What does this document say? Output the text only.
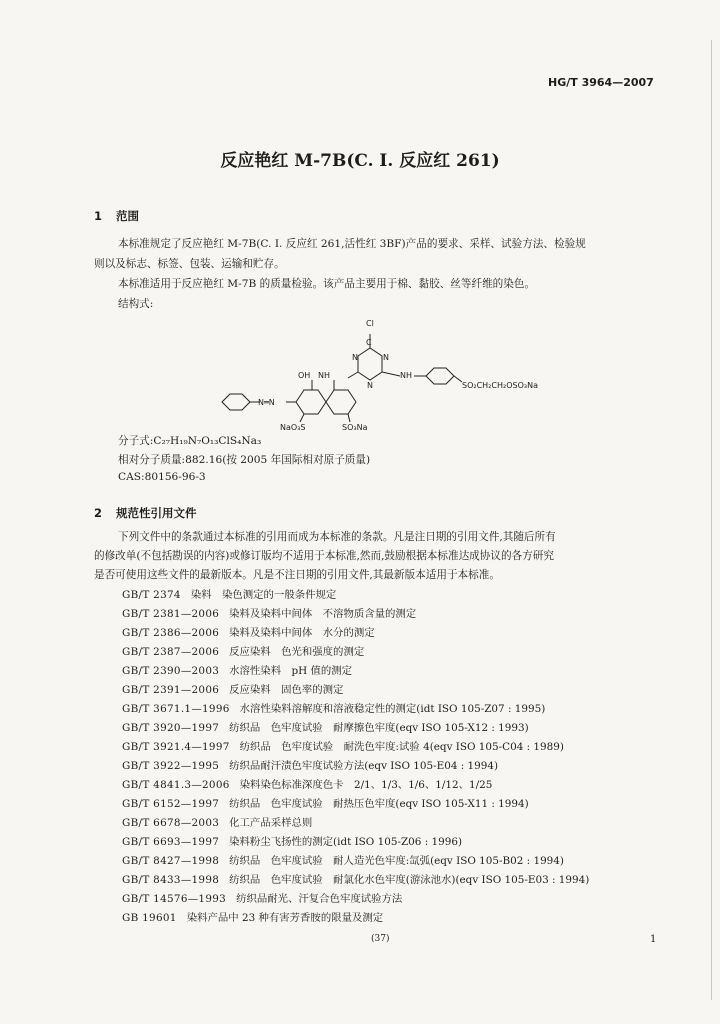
HG/T 3964—2007
反应艳红 M-7B(C. I. 反应红 261)
1 范围
本标准规定了反应艳红 M-7B(C. I. 反应红 261,活性红 3BF)产品的要求、采样、试验方法、检验规
则以及标志、标签、包装、运输和贮存。
本标准适用于反应艳红 M-7B 的质量检验。该产品主要用于棉、黏胶、丝等纤维的染色。
结构式:
Cl
N	N
N
C
OH NH	NH
N═N
NaO₃S	SO₃Na
SO₂CH₂CH₂OSO₃Na
分子式:C₂₇H₁₉N₇O₁₃ClS₄Na₃
相对分子质量:882.16(按 2005 年国际相对原子质量)
CAS:80156-96-3
2 规范性引用文件
下列文件中的条款通过本标准的引用而成为本标准的条款。凡是注日期的引用文件,其随后所有
的修改单(不包括勘误的内容)或修订版均不适用于本标准,然而,鼓励根据本标准达成协议的各方研究
是否可使用这些文件的最新版本。凡是不注日期的引用文件,其最新版本适用于本标准。
GB/T 2374 染料　染色测定的一般条件规定
GB/T 2381—2006 染料及染料中间体　不溶物质含量的测定
GB/T 2386—2006 染料及染料中间体　水分的测定
GB/T 2387—2006 反应染料　色光和强度的测定
GB/T 2390—2003 水溶性染料　pH 值的测定
GB/T 2391—2006 反应染料　固色率的测定
GB/T 3671.1—1996 水溶性染料溶解度和溶液稳定性的测定(idt ISO 105-Z07 : 1995)
GB/T 3920—1997 纺织品　色牢度试验　耐摩擦色牢度(eqv ISO 105-X12 : 1993)
GB/T 3921.4—1997 纺织品　色牢度试验　耐洗色牢度:试验 4(eqv ISO 105-C04 : 1989)
GB/T 3922—1995 纺织品耐汗渍色牢度试验方法(eqv ISO 105-E04 : 1994)
GB/T 4841.3—2006 染料染色标准深度色卡　2/1、1/3、1/6、1/12、1/25
GB/T 6152—1997 纺织品　色牢度试验　耐热压色牢度(eqv ISO 105-X11 : 1994)
GB/T 6678—2003 化工产品采样总则
GB/T 6693—1997 染料粉尘飞扬性的测定(idt ISO 105-Z06 : 1996)
GB/T 8427—1998 纺织品　色牢度试验　耐人造光色牢度:氙弧(eqv ISO 105-B02 : 1994)
GB/T 8433—1998 纺织品　色牢度试验　耐氯化水色牢度(游泳池水)(eqv ISO 105-E03 : 1994)
GB/T 14576—1993 纺织品耐光、汗复合色牢度试验方法
GB 19601 染料产品中 23 种有害芳香胺的限量及测定
(37)	1
